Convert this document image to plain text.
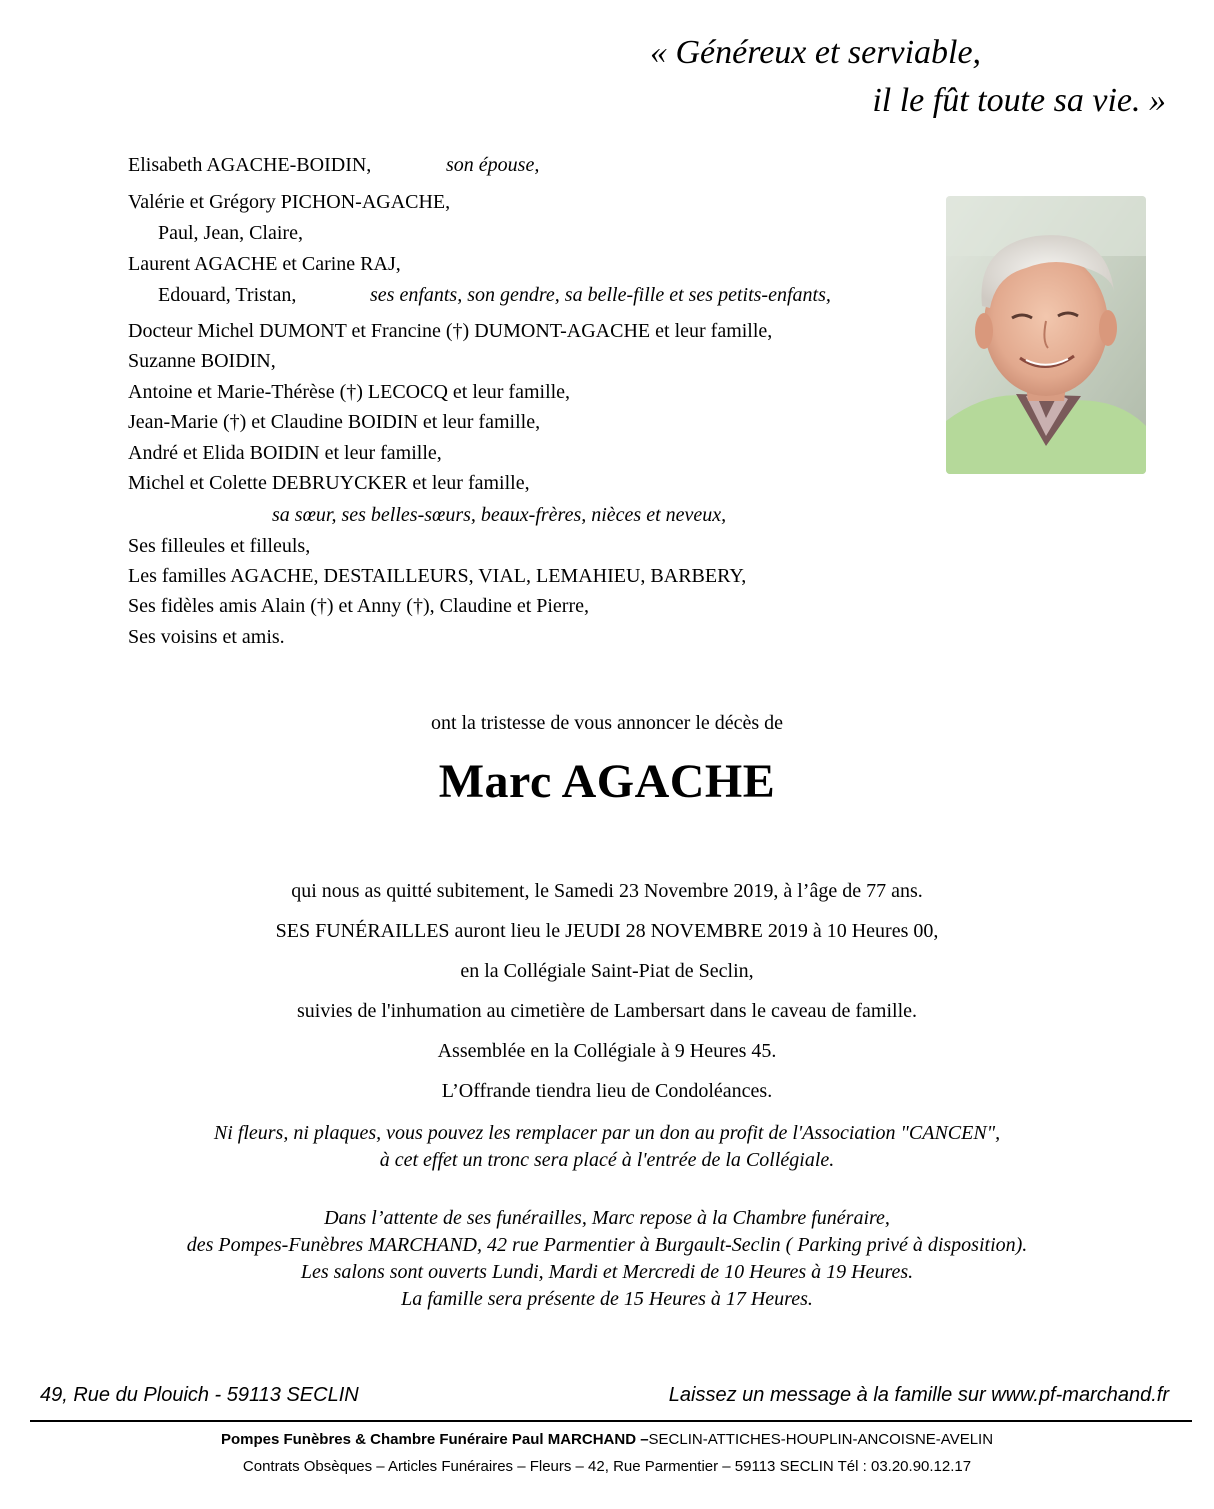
« Généreux et serviable,
il le fût toute sa vie. »
Elisabeth AGACHE-BOIDIN,	son épouse,
Valérie et Grégory PICHON-AGACHE,
Paul, Jean, Claire,
Laurent AGACHE et Carine RAJ,
Edouard, Tristan,	ses enfants, son gendre, sa belle-fille et ses petits-enfants,
Docteur Michel DUMONT et Francine (†) DUMONT-AGACHE et leur famille,
Suzanne BOIDIN,
Antoine et Marie-Thérèse (†) LECOCQ et leur famille,
Jean-Marie (†) et Claudine BOIDIN et leur famille,
André et Elida BOIDIN et leur famille,
Michel et Colette DEBRUYCKER et leur famille,
sa sœur, ses belles-sœurs, beaux-frères, nièces et neveux,
Ses filleules et filleuls,
Les familles AGACHE, DESTAILLEURS, VIAL, LEMAHIEU, BARBERY,
Ses fidèles amis Alain (†) et Anny (†), Claudine et Pierre,
Ses voisins et amis.
ont la tristesse de vous annoncer le décès de
Marc AGACHE
qui nous as quitté subitement, le Samedi 23 Novembre 2019, à l’âge de 77 ans.
SES FUNÉRAILLES auront lieu le JEUDI 28 NOVEMBRE 2019 à 10 Heures 00,
en la Collégiale Saint-Piat de Seclin,
suivies de l'inhumation au cimetière de Lambersart dans le caveau de famille.
Assemblée en la Collégiale à 9 Heures 45.
L’Offrande tiendra lieu de Condoléances.
Ni fleurs, ni plaques, vous pouvez les remplacer par un don au profit de l'Association "CANCEN",
à cet effet un tronc sera placé à l'entrée de la Collégiale.
Dans l’attente de ses funérailles, Marc repose à la Chambre funéraire,
des Pompes-Funèbres MARCHAND, 42 rue Parmentier à Burgault-Seclin ( Parking privé à disposition).
Les salons sont ouverts Lundi, Mardi et Mercredi de 10 Heures à 19 Heures.
La famille sera présente de 15 Heures à 17 Heures.
49, Rue du Plouich - 59113 SECLIN	Laissez un message à la famille sur www.pf-marchand.fr
Pompes Funèbres & Chambre Funéraire Paul MARCHAND –SECLIN-ATTICHES-HOUPLIN-ANCOISNE-AVELIN
Contrats Obsèques – Articles Funéraires – Fleurs – 42, Rue Parmentier – 59113 SECLIN Tél : 03.20.90.12.17
